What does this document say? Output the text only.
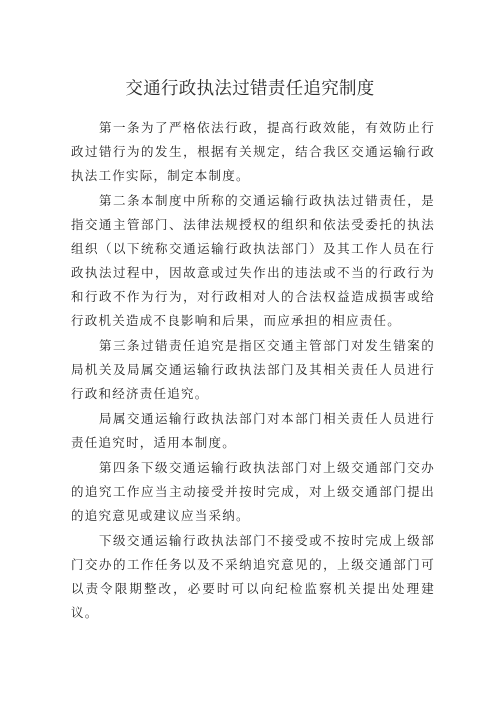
交通行政执法过错责任追究制度

第一条为了严格依法行政，提高行政效能，有效防止行政过错行为的发生，根据有关规定，结合我区交通运输行政执法工作实际，制定本制度。

第二条本制度中所称的交通运输行政执法过错责任，是指交通主管部门、法律法规授权的组织和依法受委托的执法组织（以下统称交通运输行政执法部门）及其工作人员在行政执法过程中，因故意或过失作出的违法或不当的行政行为和行政不作为行为，对行政相对人的合法权益造成损害或给行政机关造成不良影响和后果，而应承担的相应责任。

第三条过错责任追究是指区交通主管部门对发生错案的局机关及局属交通运输行政执法部门及其相关责任人员进行行政和经济责任追究。

局属交通运输行政执法部门对本部门相关责任人员进行责任追究时，适用本制度。

第四条下级交通运输行政执法部门对上级交通部门交办的追究工作应当主动接受并按时完成，对上级交通部门提出的追究意见或建议应当采纳。

下级交通运输行政执法部门不接受或不按时完成上级部门交办的工作任务以及不采纳追究意见的，上级交通部门可以责令限期整改，必要时可以向纪检监察机关提出处理建议。
